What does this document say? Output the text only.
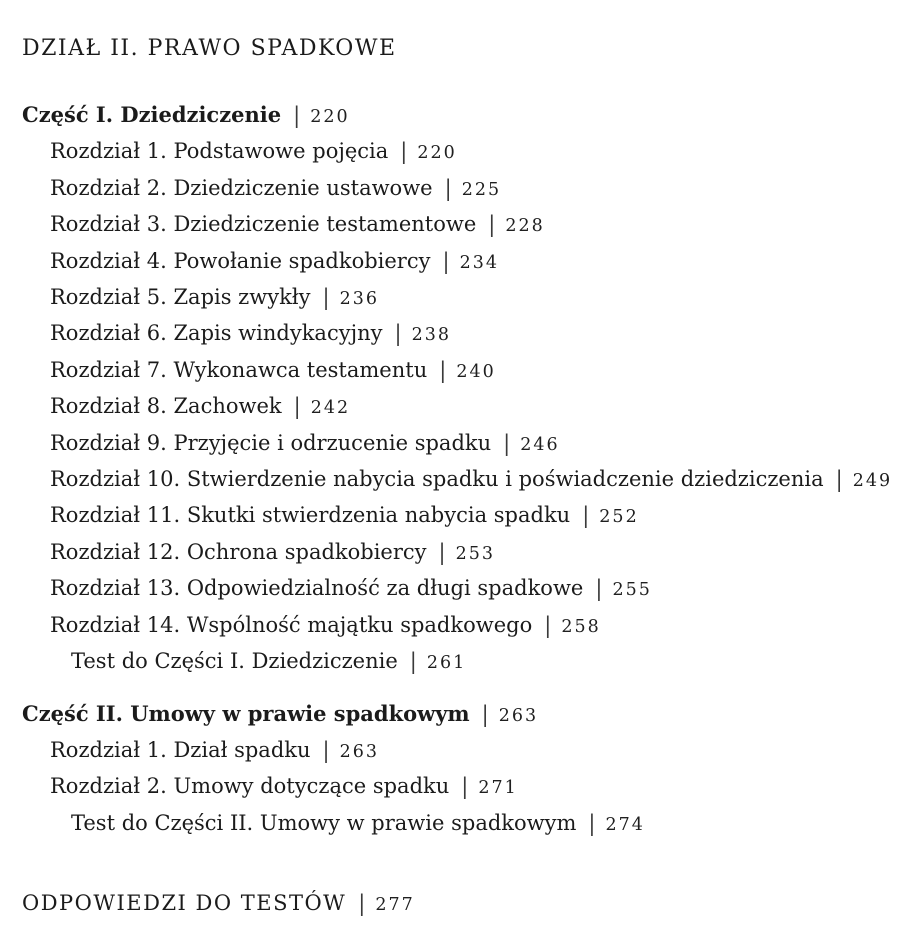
DZIAŁ II. PRAWO SPADKOWE
Część I. Dziedziczenie | 220
Rozdział 1. Podstawowe pojęcia | 220
Rozdział 2. Dziedziczenie ustawowe | 225
Rozdział 3. Dziedziczenie testamentowe | 228
Rozdział 4. Powołanie spadkobiercy | 234
Rozdział 5. Zapis zwykły | 236
Rozdział 6. Zapis windykacyjny | 238
Rozdział 7. Wykonawca testamentu | 240
Rozdział 8. Zachowek | 242
Rozdział 9. Przyjęcie i odrzucenie spadku | 246
Rozdział 10. Stwierdzenie nabycia spadku i poświadczenie dziedziczenia | 249
Rozdział 11. Skutki stwierdzenia nabycia spadku | 252
Rozdział 12. Ochrona spadkobiercy | 253
Rozdział 13. Odpowiedzialność za długi spadkowe | 255
Rozdział 14. Wspólność majątku spadkowego | 258
Test do Części I. Dziedziczenie | 261
Część II. Umowy w prawie spadkowym | 263
Rozdział 1. Dział spadku | 263
Rozdział 2. Umowy dotyczące spadku | 271
Test do Części II. Umowy w prawie spadkowym | 274
ODPOWIEDZI DO TESTÓW | 277
